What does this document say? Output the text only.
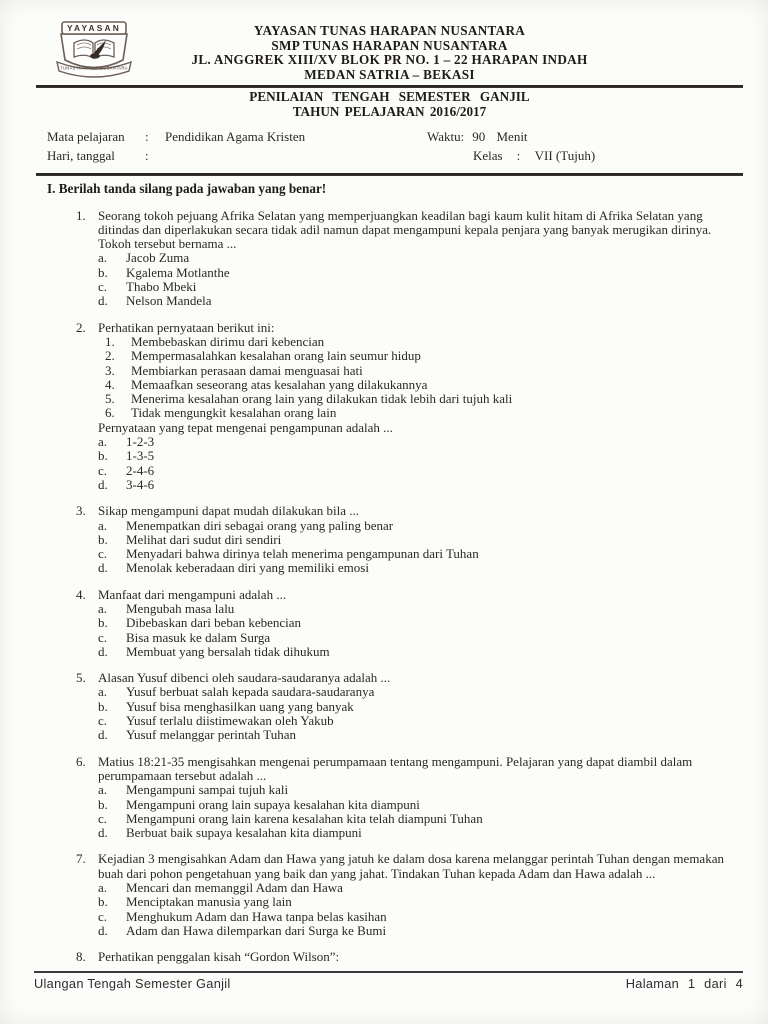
YAYASAN
TUNAS HARAPAN NUSANTARA
YAYASAN TUNAS HARAPAN NUSANTARA
SMP TUNAS HARAPAN NUSANTARA
JL. ANGGREK XIII/XV BLOK PR NO. 1 – 22 HARAPAN INDAH
MEDAN SATRIA – BEKASI
PENILAIAN TENGAH SEMESTER GANJIL
TAHUN PELAJARAN 2016/2017
Mata pelajaran : Pendidikan Agama Kristen	Waktu: 90 Menit
Hari, tanggal :	Kelas : VII (Tujuh)
I. Berilah tanda silang pada jawaban yang benar!
1. Seorang tokoh pejuang Afrika Selatan yang memperjuangkan keadilan bagi kaum kulit hitam di Afrika Selatan yang ditindas dan diperlakukan secara tidak adil namun dapat mengampuni kepala penjara yang banyak merugikan dirinya. Tokoh tersebut bernama ...
a.	Jacob Zuma
b.	Kgalema Motlanthe
c.	Thabo Mbeki
d.	Nelson Mandela
2. Perhatikan pernyataan berikut ini:
1.	Membebaskan dirimu dari kebencian
2.	Mempermasalahkan kesalahan orang lain seumur hidup
3.	Membiarkan perasaan damai menguasai hati
4.	Memaafkan seseorang atas kesalahan yang dilakukannya
5.	Menerima kesalahan orang lain yang dilakukan tidak lebih dari tujuh kali
6.	Tidak mengungkit kesalahan orang lain
Pernyataan yang tepat mengenai pengampunan adalah ...
a.	1-2-3
b.	1-3-5
c.	2-4-6
d.	3-4-6
3. Sikap mengampuni dapat mudah dilakukan bila ...
a.	Menempatkan diri sebagai orang yang paling benar
b.	Melihat dari sudut diri sendiri
c.	Menyadari bahwa dirinya telah menerima pengampunan dari Tuhan
d.	Menolak keberadaan diri yang memiliki emosi
4. Manfaat dari mengampuni adalah ...
a.	Mengubah masa lalu
b.	Dibebaskan dari beban kebencian
c.	Bisa masuk ke dalam Surga
d.	Membuat yang bersalah tidak dihukum
5. Alasan Yusuf dibenci oleh saudara-saudaranya adalah ...
a.	Yusuf berbuat salah kepada saudara-saudaranya
b.	Yusuf bisa menghasilkan uang yang banyak
c.	Yusuf terlalu diistimewakan oleh Yakub
d.	Yusuf melanggar perintah Tuhan
6. Matius 18:21-35 mengisahkan mengenai perumpamaan tentang mengampuni. Pelajaran yang dapat diambil dalam perumpamaan tersebut adalah ...
a.	Mengampuni sampai tujuh kali
b.	Mengampuni orang lain supaya kesalahan kita diampuni
c.	Mengampuni orang lain karena kesalahan kita telah diampuni Tuhan
d.	Berbuat baik supaya kesalahan kita diampuni
7. Kejadian 3 mengisahkan Adam dan Hawa yang jatuh ke dalam dosa karena melanggar perintah Tuhan dengan memakan buah dari pohon pengetahuan yang baik dan yang jahat. Tindakan Tuhan kepada Adam dan Hawa adalah ...
a.	Mencari dan memanggil Adam dan Hawa
b.	Menciptakan manusia yang lain
c.	Menghukum Adam dan Hawa tanpa belas kasihan
d.	Adam dan Hawa dilemparkan dari Surga ke Bumi
8. Perhatikan penggalan kisah “Gordon Wilson”:
Ulangan Tengah Semester Ganjil	Halaman 1 dari 4
